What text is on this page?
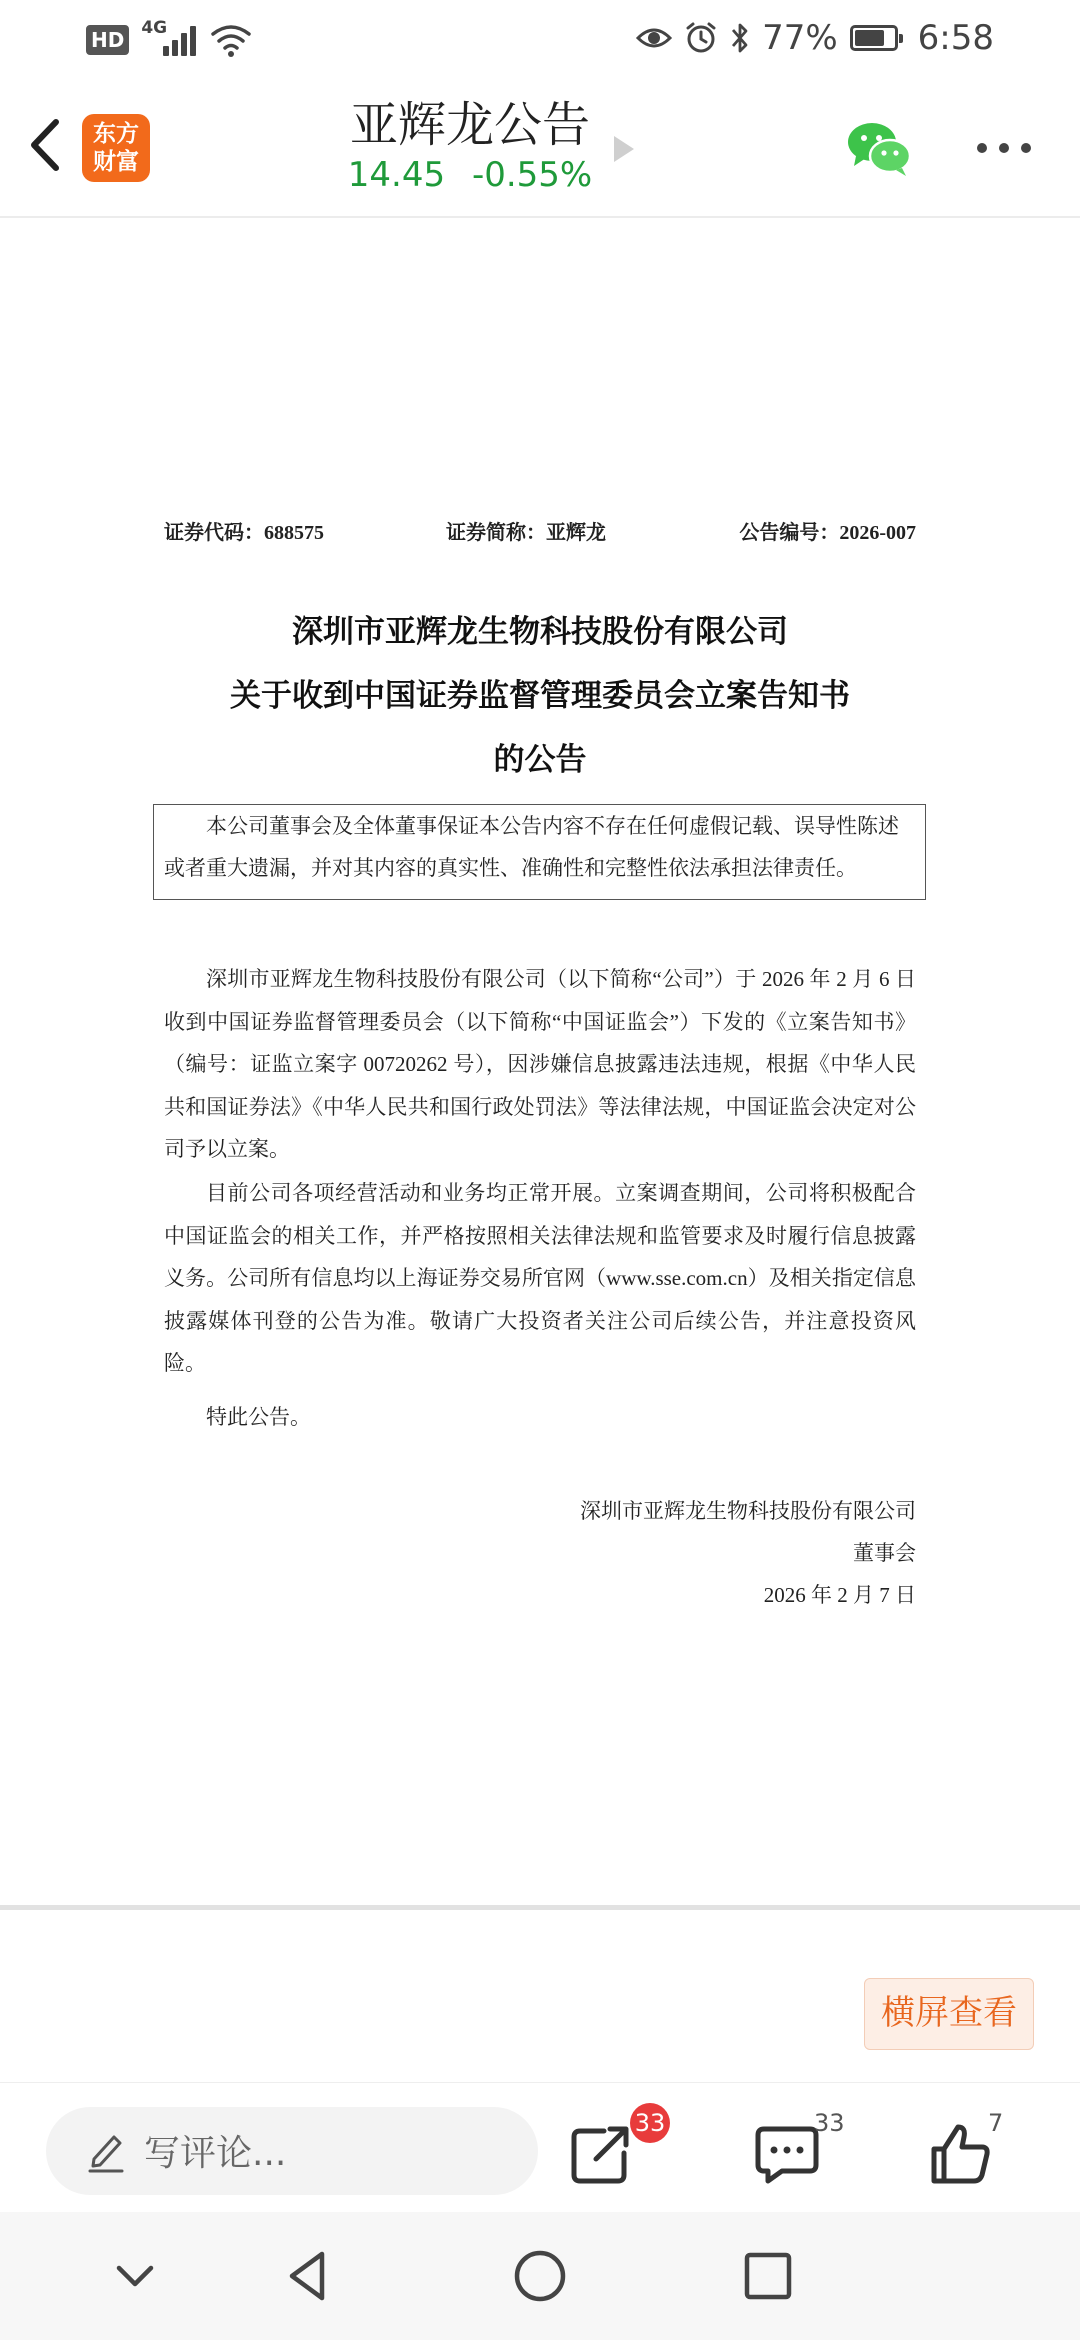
HD 4G	77% 6:58
东方
财富
亚辉龙公告
14.45 -0.55%
证券代码：688575	证券简称：亚辉龙	公告编号：2026-007
深圳市亚辉龙生物科技股份有限公司
关于收到中国证券监督管理委员会立案告知书
的公告
本公司董事会及全体董事保证本公告内容不存在任何虚假记载、误导性陈述或者重大遗漏，并对其内容的真实性、准确性和完整性依法承担法律责任。
深圳市亚辉龙生物科技股份有限公司（以下简称“公司”）于 2026 年 2 月 6 日收到中国证券监督管理委员会（以下简称“中国证监会”）下发的《立案告知书》（编号：证监立案字 00720262 号），因涉嫌信息披露违法违规，根据《中华人民共和国证券法》《中华人民共和国行政处罚法》等法律法规，中国证监会决定对公司予以立案。
目前公司各项经营活动和业务均正常开展。立案调查期间，公司将积极配合中国证监会的相关工作，并严格按照相关法律法规和监管要求及时履行信息披露义务。公司所有信息均以上海证券交易所官网（www.sse.com.cn）及相关指定信息披露媒体刊登的公告为准。敬请广大投资者关注公司后续公告，并注意投资风险。
特此公告。
深圳市亚辉龙生物科技股份有限公司
董事会
2026 年 2 月 7 日
横屏查看
写评论...
33	33	7
